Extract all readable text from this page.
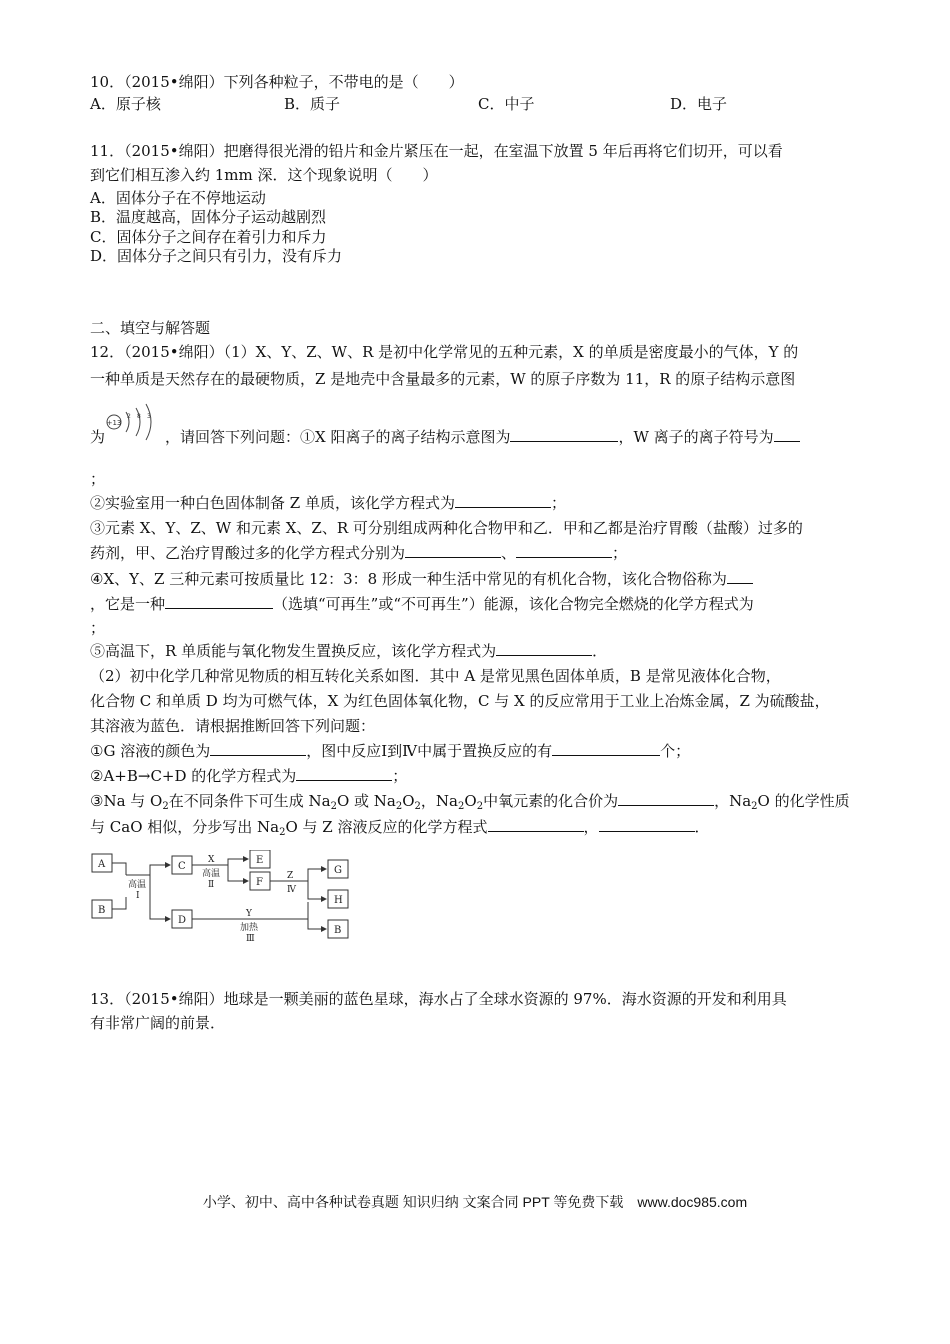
10．（2015•绵阳）下列各种粒子，不带电的是（　　）
A．原子核	B．质子	C．中子	D．电子
11．（2015•绵阳）把磨得很光滑的铅片和金片紧压在一起，在室温下放置 5 年后再将它们切开，可以看
到它们相互渗入约 1mm 深．这个现象说明（　　）
A．固体分子在不停地运动
B．温度越高，固体分子运动越剧烈
C．固体分子之间存在着引力和斥力
D．固体分子之间只有引力，没有斥力
二、填空与解答题
12．（2015•绵阳）（1）X、Y、Z、W、R 是初中化学常见的五种元素，X 的单质是密度最小的气体，Y 的
一种单质是天然存在的最硬物质，Z 是地壳中含量最多的元素，W 的原子序数为 11，R 的原子结构示意图
+13
2 8 3
为	，请回答下列问题：①X 阳离子的离子结构示意图为	，W 离子的离子符号为
；
②实验室用一种白色固体制备 Z 单质，该化学方程式为	；
③元素 X、Y、Z、W 和元素 X、Z、R 可分别组成两种化合物甲和乙．甲和乙都是治疗胃酸（盐酸）过多的
药剂，甲、乙治疗胃酸过多的化学方程式分别为	、	；
④X、Y、Z 三种元素可按质量比 12：3：8 形成一种生活中常见的有机化合物，该化合物俗称为
，它是一种	（选填“可再生”或“不可再生”）能源，该化合物完全燃烧的化学方程式为
；
⑤高温下，R 单质能与氧化物发生置换反应，该化学方程式为	．
（2）初中化学几种常见物质的相互转化关系如图．其中 A 是常见黑色固体单质，B 是常见液体化合物，
化合物 C 和单质 D 均为可燃气体，X 为红色固体氧化物，C 与 X 的反应常用于工业上冶炼金属，Z 为硫酸盐，
其溶液为蓝色．请根据推断回答下列问题：
①G 溶液的颜色为	，图中反应Ⅰ到Ⅳ中属于置换反应的有	个；
②A+B→C+D 的化学方程式为	；
③Na 与 $O_2$在不同条件下可生成 $Na_2O$ 或 $Na_2O_2$，$Na_2O_2$中氧元素的化合价为	，$Na_2O$ 的化学性质
与 CaO 相似，分步写出 $Na_2O$ 与 Z 溶液反应的化学方程式	，	．
A
B
C
D
E
F
G
H
B
高温
Ⅰ
X
高温
Ⅱ
Z
Ⅳ
Y
加热
Ⅲ
13．（2015•绵阳）地球是一颗美丽的蓝色星球，海水占了全球水资源的 97%．海水资源的开发和利用具
有非常广阔的前景．
小学、初中、高中各种试卷真题 知识归纳 文案合同 PPT 等免费下载　www.doc985.com
